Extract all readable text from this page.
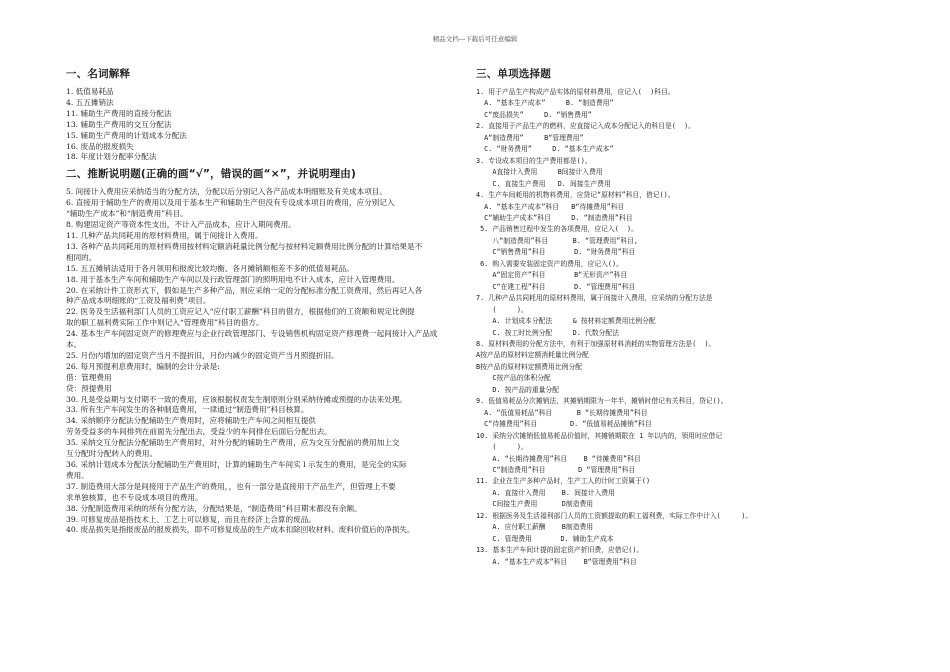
精品文档---下载后可任意编辑
一、名词解释

1. 低值易耗品

4. 五五摊销法

11. 辅助生产费用的直接分配法

13. 辅助生产费用的交互分配法

15. 辅助生产费用的计划成本分配法

16. 废品的报废损失

18. 年度计划分配率分配法

二、推断说明题(正确的画“√”，错误的画“×”，并说明理由)

5. 间接计入费用应采纳适当的分配方法，分配以后分别记入各产品成本明细账及有关成本项目。

6. 直接用于辅助生产的费用以及用于基本生产和辅助生产但没有专设成本项目的费用，应分别记入

“辅助生产成本”和“制造费用”科目。

8. 购建固定资产等资本性支出，不计入产品成本，应计入期间费用。

11. 几种产品共同耗用的原材料费用，属于间接计入费用。

13. 各种产品共同耗用的原材料费用按材料定额消耗量比例分配与按材料定额费用比例分配的计算结果是不

相同的。

15. 五五摊销法适用于各月领用和报废比较均衡、各月摊销额相差不多的低值易耗品。

18. 用于基本生产车间和辅助生产车间以及行政管理部门的照明用电不计入成本，应计入管理费用。

20. 在采纳计件工资形式下，假如是生产多种产品，则应采纳一定的分配标准分配工资费用，然后再记入各

种产品成本明细账的“工资及福利费”项目。

22. 医务及生活福利部门人员的工资应记入“应付职工薪酬”科目的借方，根据他们的工资额和规定比例提

取的职工福利费实际工作中则记入“管理费用”科目的借方。

24. 基本生产车间固定资产的修理费应与企业行政管理部门、专设销售机构固定资产修理费一起间接计入产品成

本。

25. 月份内增加的固定资产当月不提折旧，月份内减少的固定资产当月照提折旧。

26. 每月预提利息费用时，编制的会计分录是:

借：管理费用

贷：预提费用

30. 凡是受益期与支付期不一致的费用，应该根据权责发生制原则分别采纳待摊或预提的办法来处理。

33. 所有生产车间发生的各种制造费用，一律通过“制造费用”科目核算。

34. 采纳顺序分配法分配辅助生产费用时，应将辅助生产车间之间相互提供

劳务受益多的车间排列在前面先分配出去，受益少的车间排在后面后分配出去。

35. 采纳交互分配法分配辅助生产费用时，对外分配的辅助生产费用，应为交互分配前的费用加上交

互分配时分配转入的费用。

36. 采纳计划成本分配法分配辅助生产费用时，计算的辅助生产车间实 l 示发生的费用，是完全的实际

费用。

37. 制造费用大部分是间接用于产品生产的费用，，也有一部分是直接用于产品生产，但管理上不要

求单独核算，也不专设成本项目的费用。

38. 分配制造费用采纳的所有分配方法，分配结果是，“制造费用”科目期末都没有余额。

39. 可修复废品是指技术上、工艺上可以修复，而且在经济上合算的废品。

40. 废品损失是指报废品的报废损失，即不可修复废品的生产成本扣除回收材料、废料价值后的净损失。

三、单项选择题

1. 用于产品生产构成产品实体的原材料费用，应记入(  )科目。

A. “基本生产成本”     B. “制造费用”

C“废品损失”     D. “销售费用”

2. 直接用于产品生产的燃料，应直接记入成本分配记入的科目是(  )。

A“制造费用”     B“管理费用”

C. “财务费用”     D. “基本生产成本”

3. 专设成本项目的生产费用都是()。

A直接计入费用     B间接计入费用

C. 直接生产费用   D. 间接生产费用

4. 生产车间耗用的机物料费用，应贷记“原材料”科目，借记()。

A. “基本生产成本”科目   B“待摊费用”科目

C“辅助生产成本”科目     D. “制造费用”科目

5. 产品销售过程中发生的各项费用，应记入(  )。

八“制造费用”科目      B. “管理费用”科目,

C“销售费用”科目       D. “财务费用”科目

6. 购入需要安装固定资产的费用，应记入()。

A“固定资产”科目       B“无形资产”科目

C“在建工程”科目       D. “管理费用”科目

7. 几种产品共同耗用的原材料费用，属于间接计入费用，应采纳的分配方法是

(     )。

A. 计划成本分配法     & 按材料定额费用比例分配

C. 按工时比例分配     D. 代数分配法

8. 原材料费用的分配方法中，有利于加强原材料消耗的实物管理方法是(  )。

A按产品的原材料定额消耗量比例分配

B按产品的原材料定额费用比例分配

C按产品的体积分配

D. 按产品的重量分配

9. 低值易耗品分次摊销法，其摊销期限为一年半，摊销时借记有关科目，贷记()。

A. “低值易耗品”科目      B “长期待摊费用”科目

C“待摊费用”科目        D. “低值易耗品摊销”科目

10. 采纳分次摊销低值易耗品价值时，其摊销期限在 1 年以内的，领用时应借记

(     )。

A. “长期待摊费用”科目    B “待摊费用”科目

C“制造费用”科目        D “管理费用”科目

11. 企业在生产多种产品时，生产工人的计时工资属于()

A. 直接计入费用    B. 间接计入费用

C间接生产费用      D制造费用

12. 根据医务及生活福利部门人员的工资额提取的职工福利费，实际工作中计入(     )。

A. 应付职工薪酬    B制造费用

C. 管理费用       D. 辅助生产成本

13. 基本生产车间计提的固定资产折旧费，应借记()。

A. “基本生产成本”科目    B“管理费用”科目
